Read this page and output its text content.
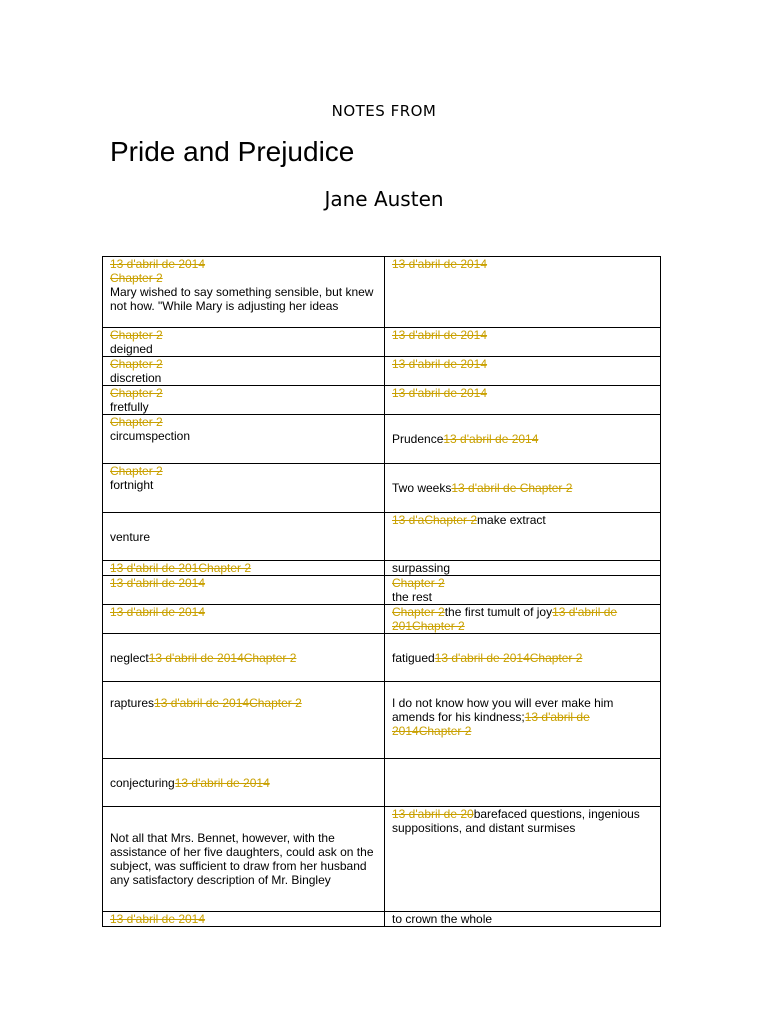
NOTES FROM
Pride and Prejudice
Jane Austen
13 d'abril de 2014
Chapter 2
Mary wished to say something sensible, but knew not how. "While Mary is adjusting her ideas	13 d'abril de 2014

Chapter 2
deigned	13 d'abril de 2014

Chapter 2
discretion	13 d'abril de 2014

Chapter 2
fretfully	13 d'abril de 2014

Chapter 2
circumspection	Prudence13 d'abril de 2014

Chapter 2
fortnight	Two weeks13 d'abril de Chapter 2
venture	13 d'aChapter 2make extract
13 d'abril de 201Chapter 2	surpassing
13 d'abril de 2014	Chapter 2
the rest

13 d'abril de 2014	Chapter 2the first tumult of joy13 d'abril de 201Chapter 2
neglect13 d'abril de 2014Chapter 2	fatigued13 d'abril de 2014Chapter 2
raptures13 d'abril de 2014Chapter 2	I do not know how you will ever make him amends for his kindness;13 d'abril de 2014Chapter 2
conjecturing13 d'abril de 2014	
Not all that Mrs. Bennet, however, with the assistance of her five daughters, could ask on the subject, was sufficient to draw from her husband any satisfactory description of Mr. Bingley	13 d'abril de 20barefaced questions, ingenious suppositions, and distant surmises
13 d'abril de 2014	to crown the whole
